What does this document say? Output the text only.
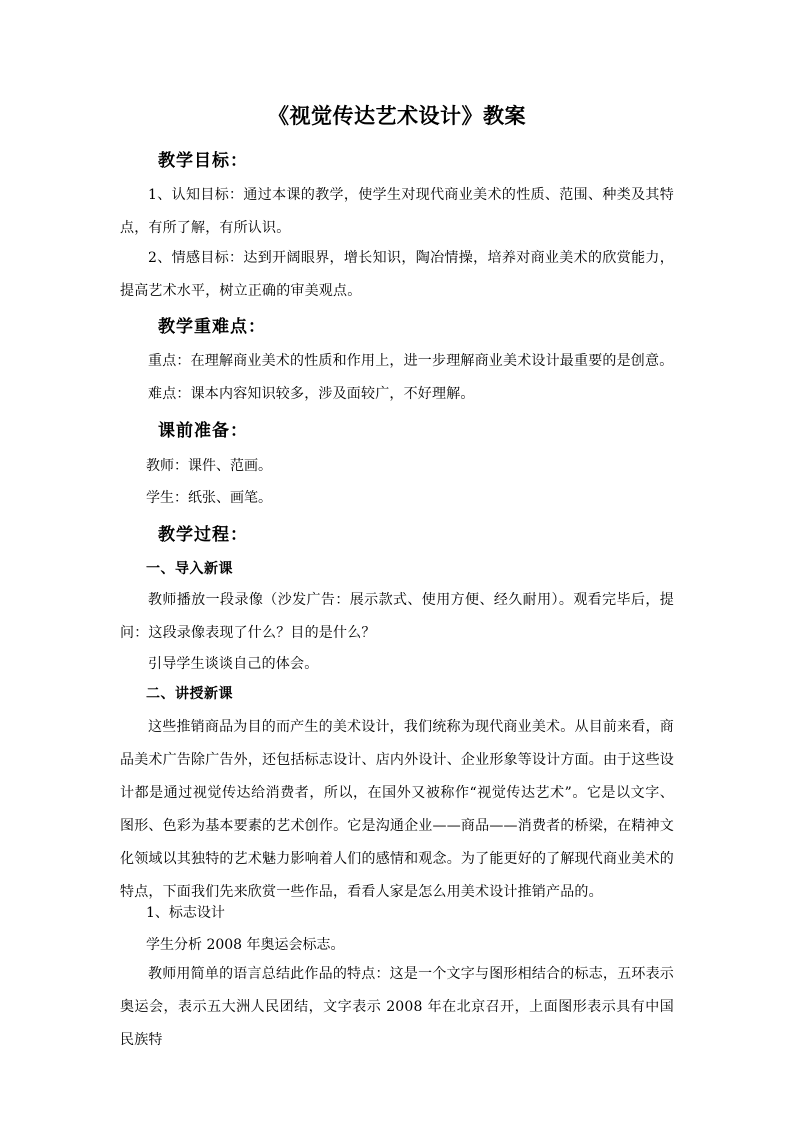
《视觉传达艺术设计》教案
教学目标：
1、认知目标：通过本课的教学，使学生对现代商业美术的性质、范围、种类及其特点，有所了解，有所认识。
2、情感目标：达到开阔眼界，增长知识，陶冶情操，培养对商业美术的欣赏能力，提高艺术水平，树立正确的审美观点。
教学重难点：
重点：在理解商业美术的性质和作用上，进一步理解商业美术设计最重要的是创意。
难点：课本内容知识较多，涉及面较广，不好理解。
课前准备：
教师：课件、范画。
学生：纸张、画笔。
教学过程：
一、导入新课
教师播放一段录像（沙发广告：展示款式、使用方便、经久耐用）。观看完毕后，提问：这段录像表现了什么？目的是什么？
引导学生谈谈自己的体会。
二、讲授新课
这些推销商品为目的而产生的美术设计，我们统称为现代商业美术。从目前来看，商品美术广告除广告外，还包括标志设计、店内外设计、企业形象等设计方面。由于这些设计都是通过视觉传达给消费者，所以，在国外又被称作“视觉传达艺术”。它是以文字、图形、色彩为基本要素的艺术创作。它是沟通企业——商品——消费者的桥梁，在精神文化领域以其独特的艺术魅力影响着人们的感情和观念。为了能更好的了解现代商业美术的特点，下面我们先来欣赏一些作品，看看人家是怎么用美术设计推销产品的。
1、标志设计
学生分析 2008 年奥运会标志。
教师用简单的语言总结此作品的特点：这是一个文字与图形相结合的标志，五环表示奥运会，表示五大洲人民团结，文字表示 2008 年在北京召开，上面图形表示具有中国民族特
